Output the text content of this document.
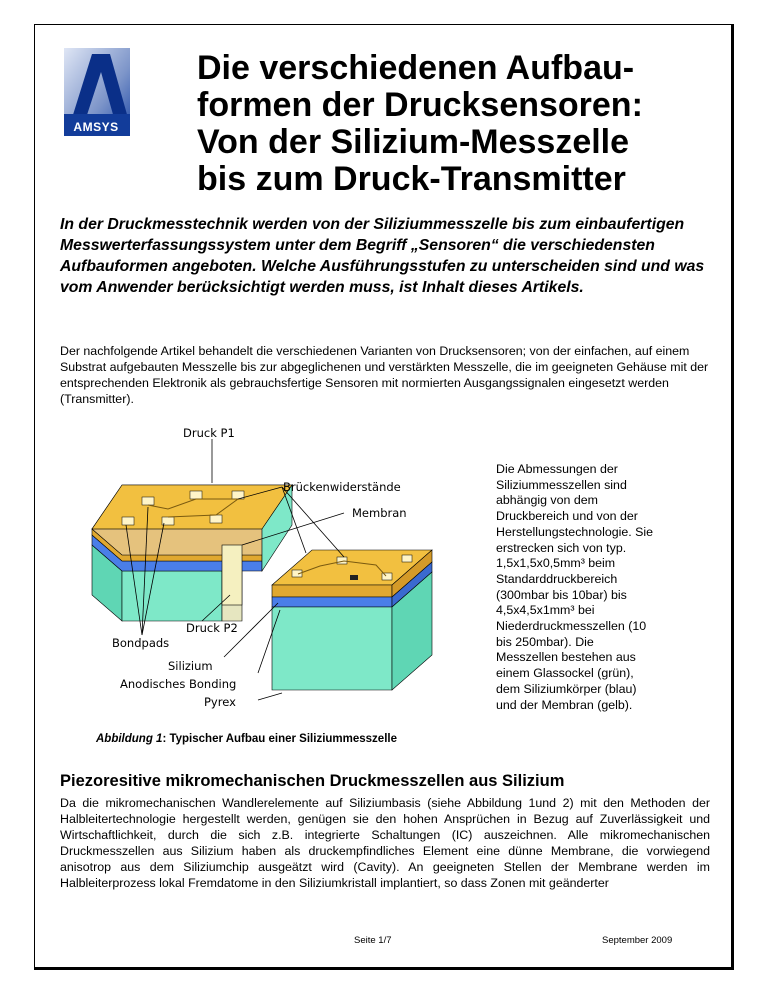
AMSYS
Die verschiedenen Aufbau-
formen der Drucksensoren:
Von der Silizium-Messzelle
bis zum Druck-Transmitter

In der Druckmesstechnik werden von der Siliziummesszelle bis zum einbaufertigen Messwerterfassungssystem unter dem Begriff „Sensoren“ die verschiedensten Aufbauformen angeboten. Welche Ausführungsstufen zu unterscheiden sind und was vom Anwender berücksichtigt werden muss, ist Inhalt dieses Artikels.

Der nachfolgende Artikel behandelt die verschiedenen Varianten von Drucksensoren; von der einfachen, auf einem Substrat aufgebauten Messzelle bis zur abgeglichenen und verstärkten Messzelle, die im geeigneten Gehäuse mit der entsprechenden Elektronik als gebrauchsfertige Sensoren mit normierten Ausgangssignalen eingesetzt werden (Transmitter).

Druck P1
Brückenwiderstände
Membran
Druck P2
Bondpads
Silizium
Anodisches Bonding
Pyrex

Die Abmessungen der Siliziummesszellen sind abhängig von dem Druckbereich und von der Herstellungstechnologie. Sie erstrecken sich von typ. 1,5x1,5x0,5mm³ beim Standarddruckbereich (300mbar bis 10bar) bis 4,5x4,5x1mm³ bei Niederdruckmesszellen (10 bis 250mbar). Die Messzellen bestehen aus einem Glassockel (grün), dem Siliziumkörper (blau) und der Membran (gelb).

Abbildung 1: Typischer Aufbau einer Siliziummesszelle

Piezoresitive mikromechanischen Druckmesszellen aus Silizium

Da die mikromechanischen Wandlerelemente auf Siliziumbasis (siehe Abbildung 1und 2) mit den Methoden der Halbleitertechnologie hergestellt werden, genügen sie den hohen Ansprüchen in Bezug auf Zuverlässigkeit und Wirtschaftlichkeit, durch die sich z.B. integrierte Schaltungen (IC) auszeichnen. Alle mikromechanischen Druckmesszellen aus Silizium haben als druckempfindliches Element eine dünne Membrane, die vorwiegend anisotrop aus dem Siliziumchip ausgeätzt wird (Cavity). An geeigneten Stellen der Membrane werden im Halbleiterprozess lokal Fremdatome in den Siliziumkristall implantiert, so dass Zonen mit geänderter

Seite 1/7	September 2009
